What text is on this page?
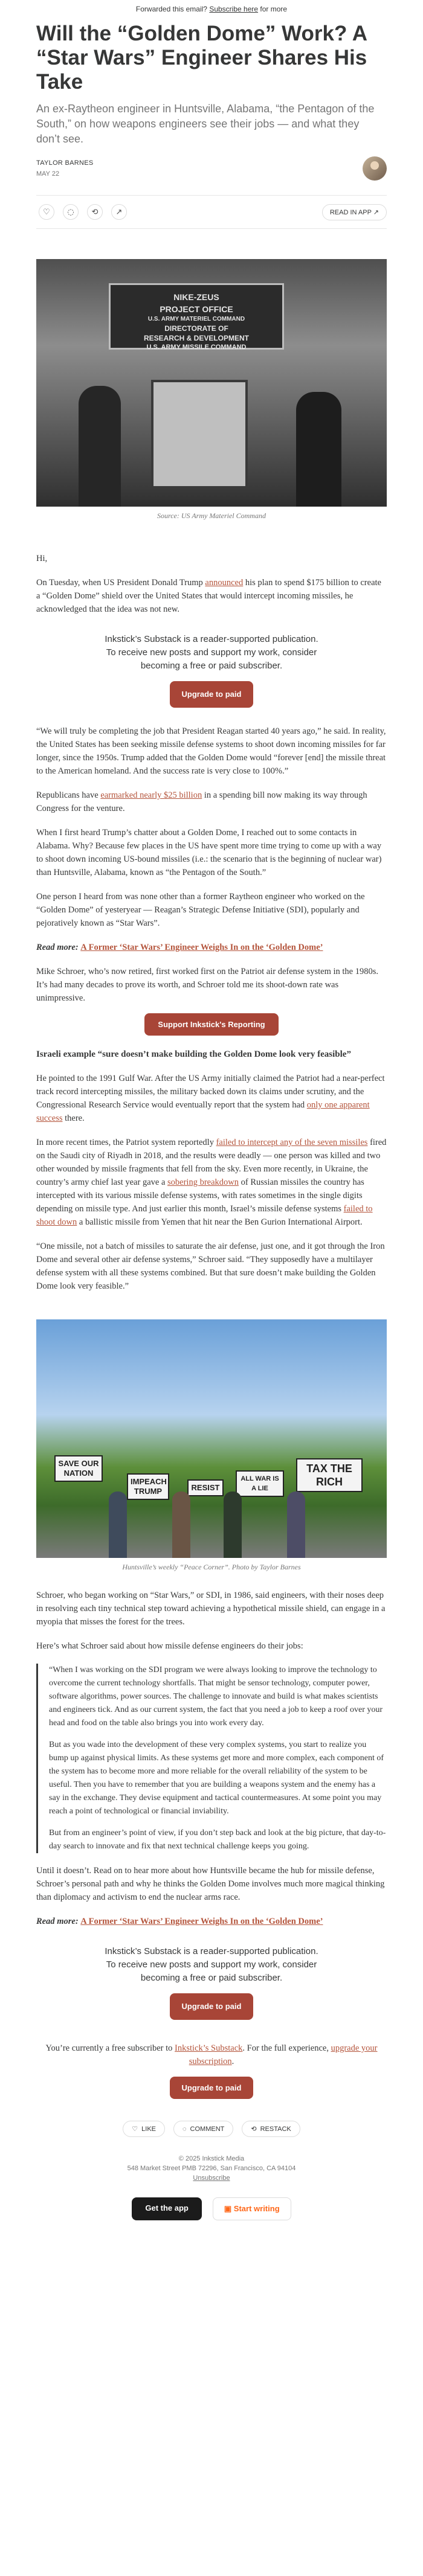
Forwarded this email? Subscribe here for more
Will the “Golden Dome” Work? A “Star Wars” Engineer Shares His Take
An ex-Raytheon engineer in Huntsville, Alabama, “the Pentagon of the South,” on how weapons engineers see their jobs — and what they don’t see.
TAYLOR BARNES
MAY 22
♡	◌	⟲	↗	READ IN APP ↗
NIKE-ZEUS
PROJECT OFFICE
U.S. ARMY MATERIEL COMMAND
DIRECTORATE OF
RESEARCH & DEVELOPMENT
U.S. ARMY MISSILE COMMAND
Source: US Army Materiel Command

Hi,

On Tuesday, when US President Donald Trump announced his plan to spend $175 billion to create a “Golden Dome” shield over the United States that would intercept incoming missiles, he acknowledged that the idea was not new.

Inkstick’s Substack is a reader-supported publication.
To receive new posts and support my work, consider becoming a free or paid subscriber.
Upgrade to paid

“We will truly be completing the job that President Reagan started 40 years ago,” he said. In reality, the United States has been seeking missile defense systems to shoot down incoming missiles for far longer, since the 1950s. Trump added that the Golden Dome would “forever [end] the missile threat to the American homeland. And the success rate is very close to 100%.”

Republicans have earmarked nearly $25 billion in a spending bill now making its way through Congress for the venture.

When I first heard Trump’s chatter about a Golden Dome, I reached out to some contacts in Alabama. Why? Because few places in the US have spent more time trying to come up with a way to shoot down incoming US-bound missiles (i.e.: the scenario that is the beginning of nuclear war) than Huntsville, Alabama, known as “the Pentagon of the South.”

One person I heard from was none other than a former Raytheon engineer who worked on the “Golden Dome” of yesteryear — Reagan’s Strategic Defense Initiative (SDI), popularly and pejoratively known as “Star Wars”.

Read more: A Former ‘Star Wars’ Engineer Weighs In on the ‘Golden Dome’

Mike Schroer, who’s now retired, first worked first on the Patriot air defense system in the 1980s. It’s had many decades to prove its worth, and Schroer told me its shoot-down rate was unimpressive.

Support Inkstick's Reporting
Israeli example “sure doesn’t make building the Golden Dome look very feasible”

He pointed to the 1991 Gulf War. After the US Army initially claimed the Patriot had a near-perfect track record intercepting missiles, the military backed down its claims under scrutiny, and the Congressional Research Service would eventually report that the system had only one apparent success there.

In more recent times, the Patriot system reportedly failed to intercept any of the seven missiles fired on the Saudi city of Riyadh in 2018, and the results were deadly — one person was killed and two other wounded by missile fragments that fell from the sky. Even more recently, in Ukraine, the country’s army chief last year gave a sobering breakdown of Russian missiles the country has intercepted with its various missile defense systems, with rates sometimes in the single digits depending on missile type. And just earlier this month, Israel’s missile defense systems failed to shoot down a ballistic missile from Yemen that hit near the Ben Gurion International Airport.

“One missile, not a batch of missiles to saturate the air defense, just one, and it got through the Iron Dome and several other air defense systems,” Schroer said. “They supposedly have a multilayer defense system with all these systems combined. But that sure doesn’t make building the Golden Dome look very feasible.”

SAVE OUR NATION
IMPEACH TRUMP	RESIST
ALL WAR IS A LIE
TAX THE RICH
Huntsville’s weekly “Peace Corner”. Photo by Taylor Barnes

Schroer, who began working on “Star Wars,” or SDI, in 1986, said engineers, with their noses deep in resolving each tiny technical step toward achieving a hypothetical missile shield, can engage in a myopia that misses the forest for the trees.

Here’s what Schroer said about how missile defense engineers do their jobs:

“When I was working on the SDI program we were always looking to improve the technology to overcome the current technology shortfalls. That might be sensor technology, computer power, software algorithms, power sources. The challenge to innovate and build is what makes scientists and engineers tick. And as our current system, the fact that you need a job to keep a roof over your head and food on the table also brings you into work every day.

But as you wade into the development of these very complex systems, you start to realize you bump up against physical limits. As these systems get more and more complex, each component of the system has to become more and more reliable for the overall reliability of the system to be useful. Then you have to remember that you are building a weapons system and the enemy has a say in the exchange. They devise equipment and tactical countermeasures. At some point you may reach a point of technological or financial inviability.

But from an engineer’s point of view, if you don’t step back and look at the big picture, that day-to-day search to innovate and fix that next technical challenge keeps you going.

Until it doesn’t. Read on to hear more about how Huntsville became the hub for missile defense, Schroer’s personal path and why he thinks the Golden Dome involves much more magical thinking than diplomacy and activism to end the nuclear arms race.

Read more: A Former ‘Star Wars’ Engineer Weighs In on the ‘Golden Dome’
Inkstick’s Substack is a reader-supported publication.
To receive new posts and support my work, consider becoming a free or paid subscriber.
Upgrade to paid
You’re currently a free subscriber to Inkstick’s Substack. For the full experience, upgrade your subscription.
Upgrade to paid
♡ LIKE	◌ COMMENT	⟲ RESTACK
© 2025 Inkstick Media
548 Market Street PMB 72296, San Francisco, CA 94104
Unsubscribe
Get the app	▣ Start writing
